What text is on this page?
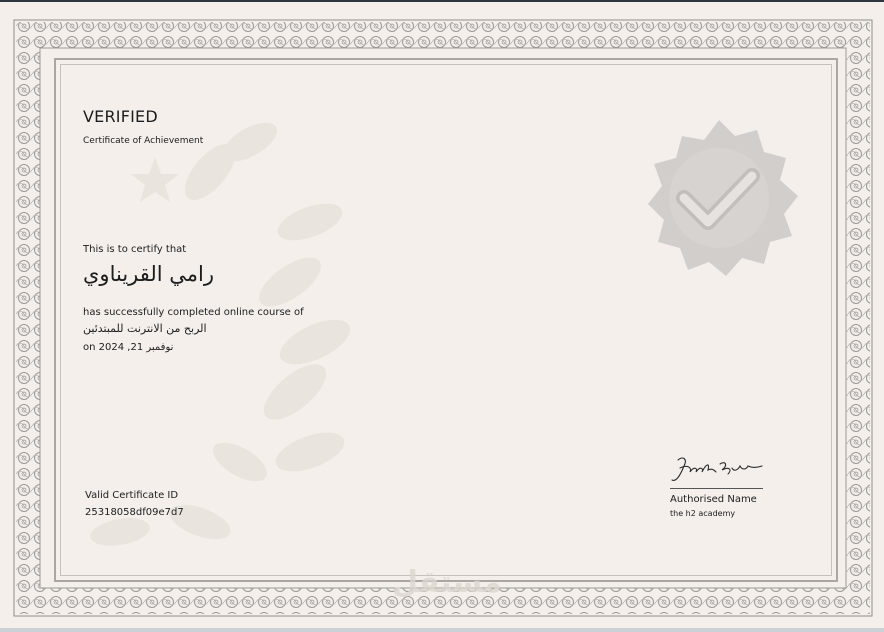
VERIFIED
Certificate of Achievement
This is to certify that
رامي القريناوي
has successfully completed online course of
الربح من الانترنت للمبتدئين
on نوفمبر 21, 2024
Valid Certificate ID
25318058df09e7d7
Authorised Name
the h2 academy
مستقل
